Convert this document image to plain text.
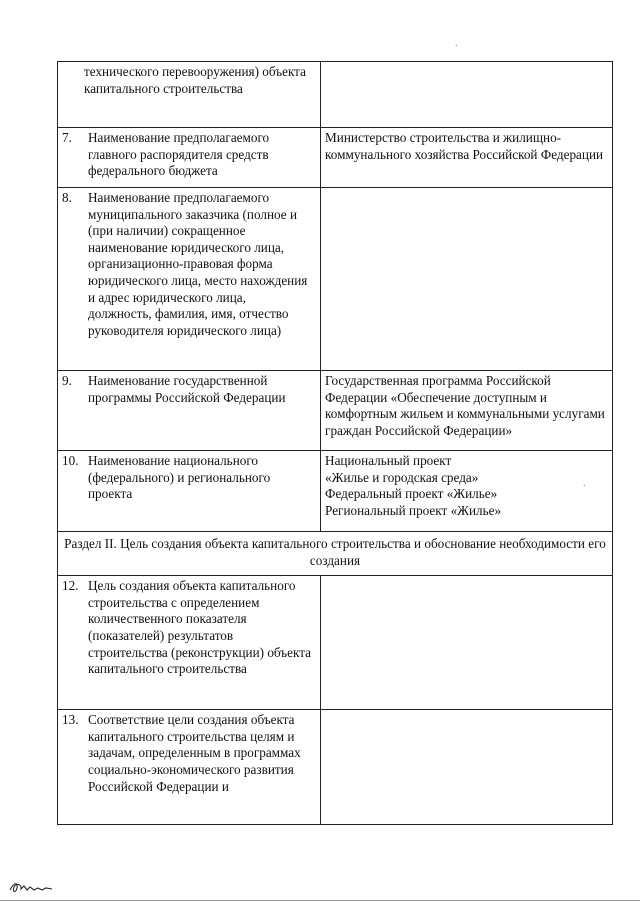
.
технического перевооружения) объекта капитального строительства	
7. Наименование предполагаемого главного распорядителя средств федерального бюджета	Министерство строительства и жилищно-коммунального хозяйства Российской Федерации
8. Наименование предполагаемого муниципального заказчика (полное и (при наличии) сокращенное наименование юридического лица, организационно-правовая форма юридического лица, место нахождения и адрес юридического лица, должность, фамилия, имя, отчество руководителя юридического лица)	
9. Наименование государственной программы Российской Федерации	Государственная программа Российской Федерации «Обеспечение доступным и комфортным жильем и коммунальными услугами граждан Российской Федерации»
10. Наименование национального (федерального) и регионального проекта	Национальный проект
«Жилье и городская среда»
Федеральный проект «Жилье»
Региональный проект «Жилье»

Раздел II. Цель создания объекта капитального строительства и обоснование необходимости его создания	
12. Цель создания объекта капитального строительства с определением количественного показателя (показателей) результатов строительства (реконструкции) объекта капитального строительства	
13. Соответствие цели создания объекта капитального строительства целям и задачам, определенным в программах социально-экономического развития Российской Федерации и	
.
